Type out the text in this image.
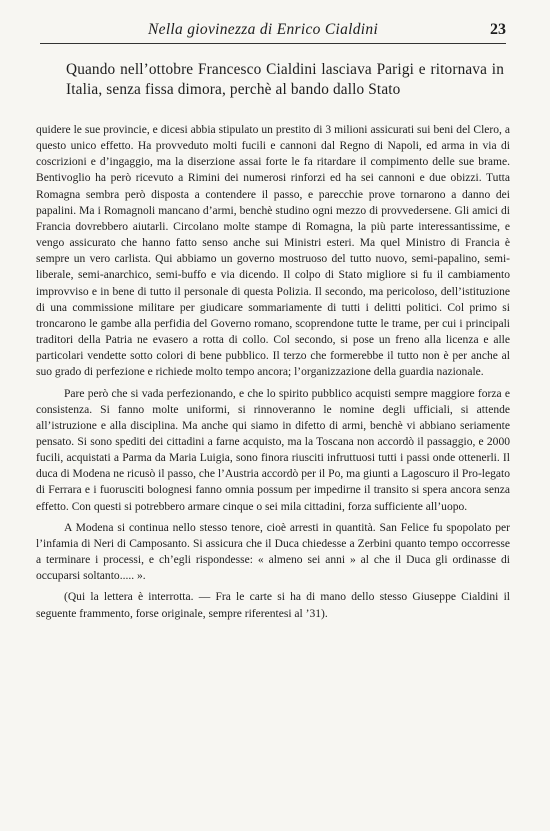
Nella giovinezza di Enrico Cialdini	23

Quando nell’ottobre Francesco Cialdini lasciava Parigi e ritornava in Italia, senza fissa dimora, perchè al bando dallo Stato

quidere le sue provincie, e dicesi abbia stipulato un prestito di 3 milioni assicurati sui beni del Clero, a questo unico effetto. Ha provveduto molti fucili e cannoni dal Regno di Napoli, ed arma in via di coscrizioni e d’ingaggio, ma la diserzione assai forte le fa ritardare il compimento delle sue brame. Bentivoglio ha però ricevuto a Rimini dei numerosi rinforzi ed ha sei cannoni e due obizzi. Tutta Romagna sembra però disposta a contendere il passo, e parecchie prove tornarono a danno dei papalini. Ma i Romagnoli mancano d’armi, benchè studino ogni mezzo di provvedersene. Gli amici di Francia dovrebbero aiutarli. Circolano molte stampe di Romagna, la più parte interessantissime, e vengo assicurato che hanno fatto senso anche sui Ministri esteri. Ma quel Ministro di Francia è sempre un vero carlista. Qui abbiamo un governo mostruoso del tutto nuovo, semi-papalino, semi-liberale, semi-anarchico, semi-buffo e via dicendo. Il colpo di Stato migliore si fu il cambiamento improvviso e in bene di tutto il personale di questa Polizia. Il secondo, ma pericoloso, dell’istituzione di una commissione militare per giudicare sommariamente di tutti i delitti politici. Col primo si troncarono le gambe alla perfidia del Governo romano, scoprendone tutte le trame, per cui i principali traditori della Patria ne evasero a rotta di collo. Col secondo, si pose un freno alla licenza e alle particolari vendette sotto colori di bene pubblico. Il terzo che formerebbe il tutto non è per anche al suo grado di perfezione e richiede molto tempo ancora; l’organizzazione della guardia nazionale.

Pare però che si vada perfezionando, e che lo spirito pubblico acquisti sempre maggiore forza e consistenza. Si fanno molte uniformi, si rinnoveranno le nomine degli ufficiali, si attende all’istruzione e alla disciplina. Ma anche qui siamo in difetto di armi, benchè vi abbiano seriamente pensato. Si sono spediti dei cittadini a farne acquisto, ma la Toscana non accordò il passaggio, e 2000 fucili, acquistati a Parma da Maria Luigia, sono finora riusciti infruttuosi tutti i passi onde ottenerli. Il duca di Modena ne ricusò il passo, che l’Austria accordò per il Po, ma giunti a Lagoscuro il Pro-legato di Ferrara e i fuorusciti bolognesi fanno omnia possum per impedirne il transito si spera ancora senza effetto. Con questi si potrebbero armare cinque o sei mila cittadini, forza sufficiente all’uopo.

A Modena si continua nello stesso tenore, cioè arresti in quantità. San Felice fu spopolato per l’infamia di Neri di Camposanto. Si assicura che il Duca chiedesse a Zerbini quanto tempo occorresse a terminare i processi, e ch’egli rispondesse: « almeno sei anni » al che il Duca gli ordinasse di occuparsi soltanto..... ».

(Qui la lettera è interrotta. — Fra le carte si ha di mano dello stesso Giuseppe Cialdini il seguente frammento, forse originale, sempre riferentesi al ’31).
